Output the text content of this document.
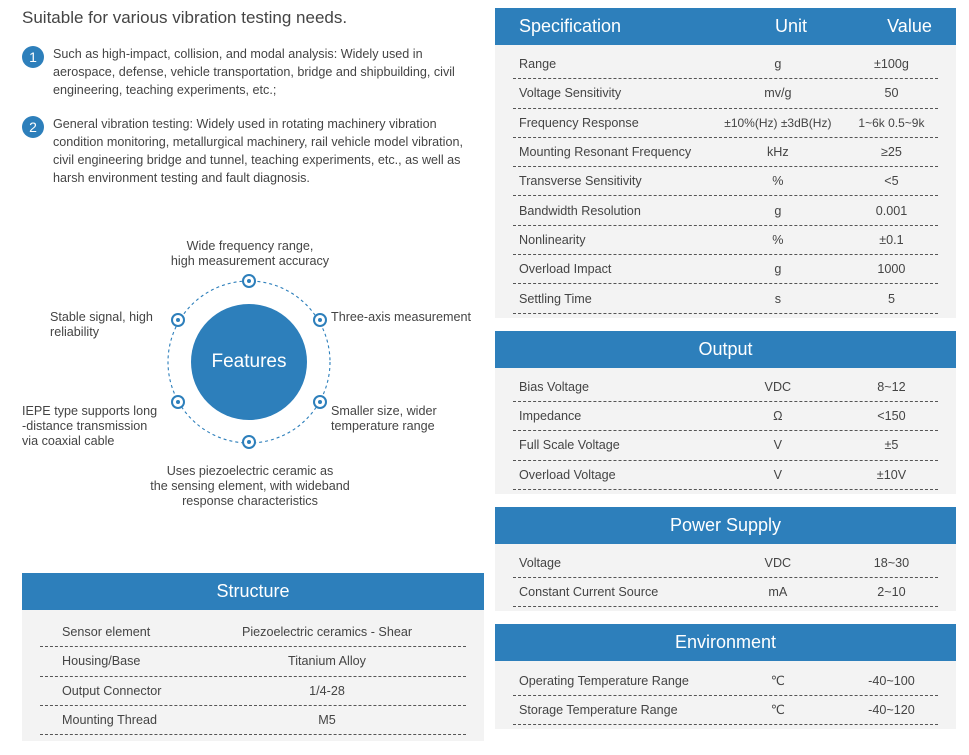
Suitable for various vibration testing needs.
1	Such as high-impact, collision, and modal analysis: Widely used in aerospace, defense, vehicle transportation, bridge and shipbuilding, civil engineering, teaching experiments, etc.;
2	General vibration testing: Widely used in rotating machinery vibration condition monitoring, metallurgical machinery, rail vehicle model vibration, civil engineering bridge and tunnel, teaching experiments, etc., as well as harsh environment testing and fault diagnosis.
Features
Wide frequency range,
high measurement accuracy
Three-axis measurement
Smaller size, wider
temperature range
Uses piezoelectric ceramic as
the sensing element, with wideband
response characteristics
Stable signal, high
reliability
IEPE type supports long
-distance transmission
via coaxial cable
Structure
Sensor element	Piezoelectric ceramics - Shear
Housing/Base	Titanium Alloy
Output Connector	1/4-28
Mounting Thread	M5
Specification	Unit	Value
Range	g	±100g
Voltage Sensitivity	mv/g	50
Frequency Response	±10%(Hz) ±3dB(Hz)	1~6k 0.5~9k
Mounting Resonant Frequency	kHz	≥25
Transverse Sensitivity	%	<5
Bandwidth Resolution	g	0.001
Nonlinearity	%	±0.1
Overload Impact	g	1000
Settling Time	s	5
Output
Bias Voltage	VDC	8~12
Impedance	Ω	<150
Full Scale Voltage	V	±5
Overload Voltage	V	±10V
Power Supply
Voltage	VDC	18~30
Constant Current Source	mA	2~10
Environment
Operating Temperature Range	℃	-40~100
Storage Temperature Range	℃	-40~120
